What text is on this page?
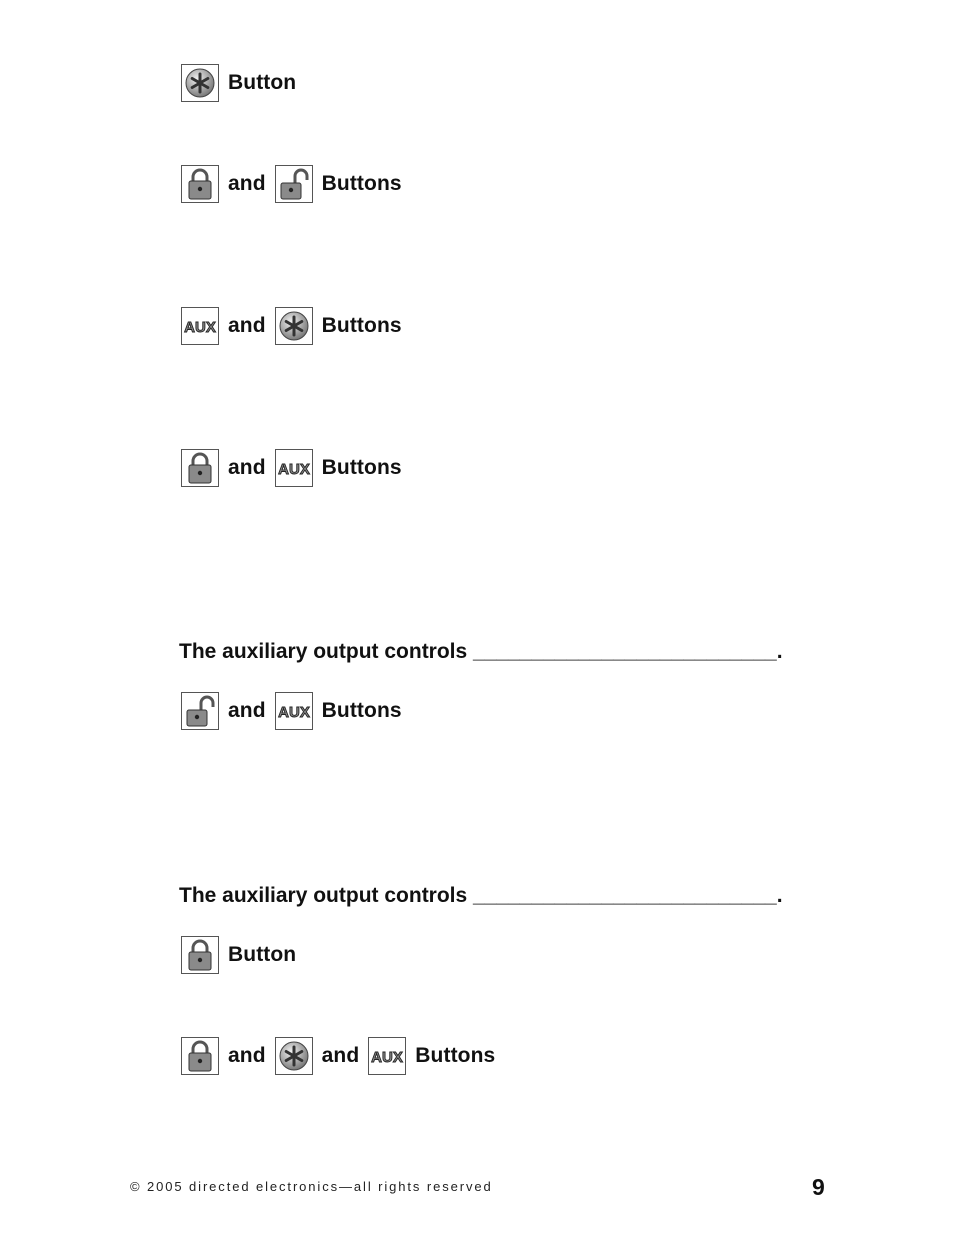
Button
and	Buttons
AUX and	Buttons
and AUX Buttons
The auxiliary output controls __________________________.
and AUX Buttons
The auxiliary output controls __________________________.
Button
and	and AUX Buttons
© 2005 directed electronics—all rights reserved	9
